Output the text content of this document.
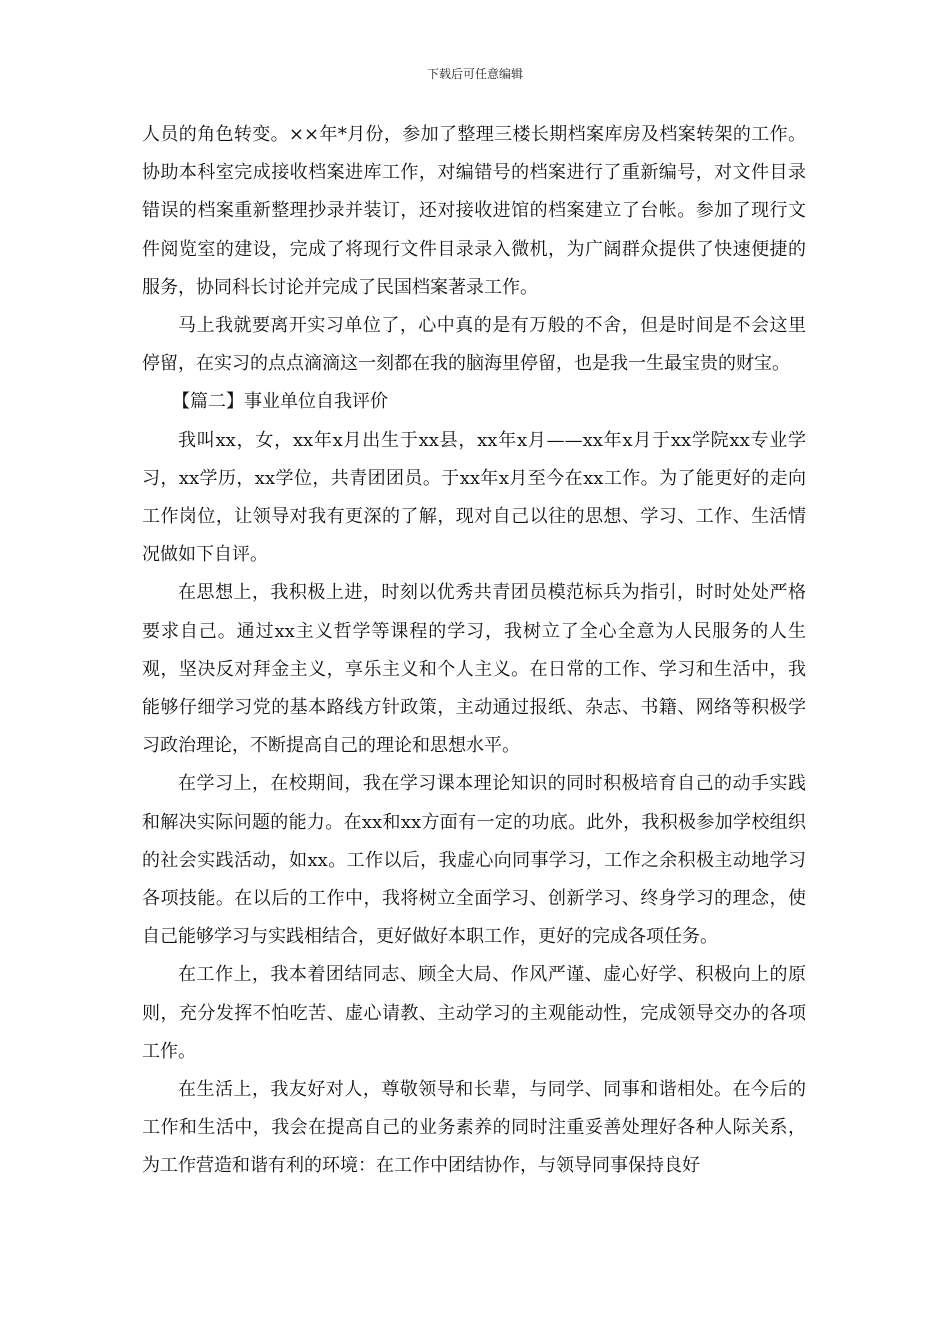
下载后可任意编辑

人员的角色转变。××年*月份，参加了整理三楼长期档案库房及档案转架的工作。协助本科室完成接收档案进库工作，对编错号的档案进行了重新编号，对文件目录错误的档案重新整理抄录并装订，还对接收进馆的档案建立了台帐。参加了现行文件阅览室的建设，完成了将现行文件目录录入微机，为广阔群众提供了快速便捷的服务，协同科长讨论并完成了民国档案著录工作。

马上我就要离开实习单位了，心中真的是有万般的不舍，但是时间是不会这里停留，在实习的点点滴滴这一刻都在我的脑海里停留，也是我一生最宝贵的财宝。

【篇二】事业单位自我评价

我叫xx，女，xx年x月出生于xx县，xx年x月——xx年x月于xx学院xx专业学习，xx学历，xx学位，共青团团员。于xx年x月至今在xx工作。为了能更好的走向工作岗位，让领导对我有更深的了解，现对自己以往的思想、学习、工作、生活情况做如下自评。

在思想上，我积极上进，时刻以优秀共青团员模范标兵为指引，时时处处严格要求自己。通过xx主义哲学等课程的学习，我树立了全心全意为人民服务的人生观，坚决反对拜金主义，享乐主义和个人主义。在日常的工作、学习和生活中，我能够仔细学习党的基本路线方针政策，主动通过报纸、杂志、书籍、网络等积极学习政治理论，不断提高自己的理论和思想水平。

在学习上，在校期间，我在学习课本理论知识的同时积极培育自己的动手实践和解决实际问题的能力。在xx和xx方面有一定的功底。此外，我积极参加学校组织的社会实践活动，如xx。工作以后，我虚心向同事学习，工作之余积极主动地学习各项技能。在以后的工作中，我将树立全面学习、创新学习、终身学习的理念，使自己能够学习与实践相结合，更好做好本职工作，更好的完成各项任务。

在工作上，我本着团结同志、顾全大局、作风严谨、虚心好学、积极向上的原则，充分发挥不怕吃苦、虚心请教、主动学习的主观能动性，完成领导交办的各项工作。

在生活上，我友好对人，尊敬领导和长辈，与同学、同事和谐相处。在今后的工作和生活中，我会在提高自己的业务素养的同时注重妥善处理好各种人际关系，为工作营造和谐有利的环境：在工作中团结协作，与领导同事保持良好
